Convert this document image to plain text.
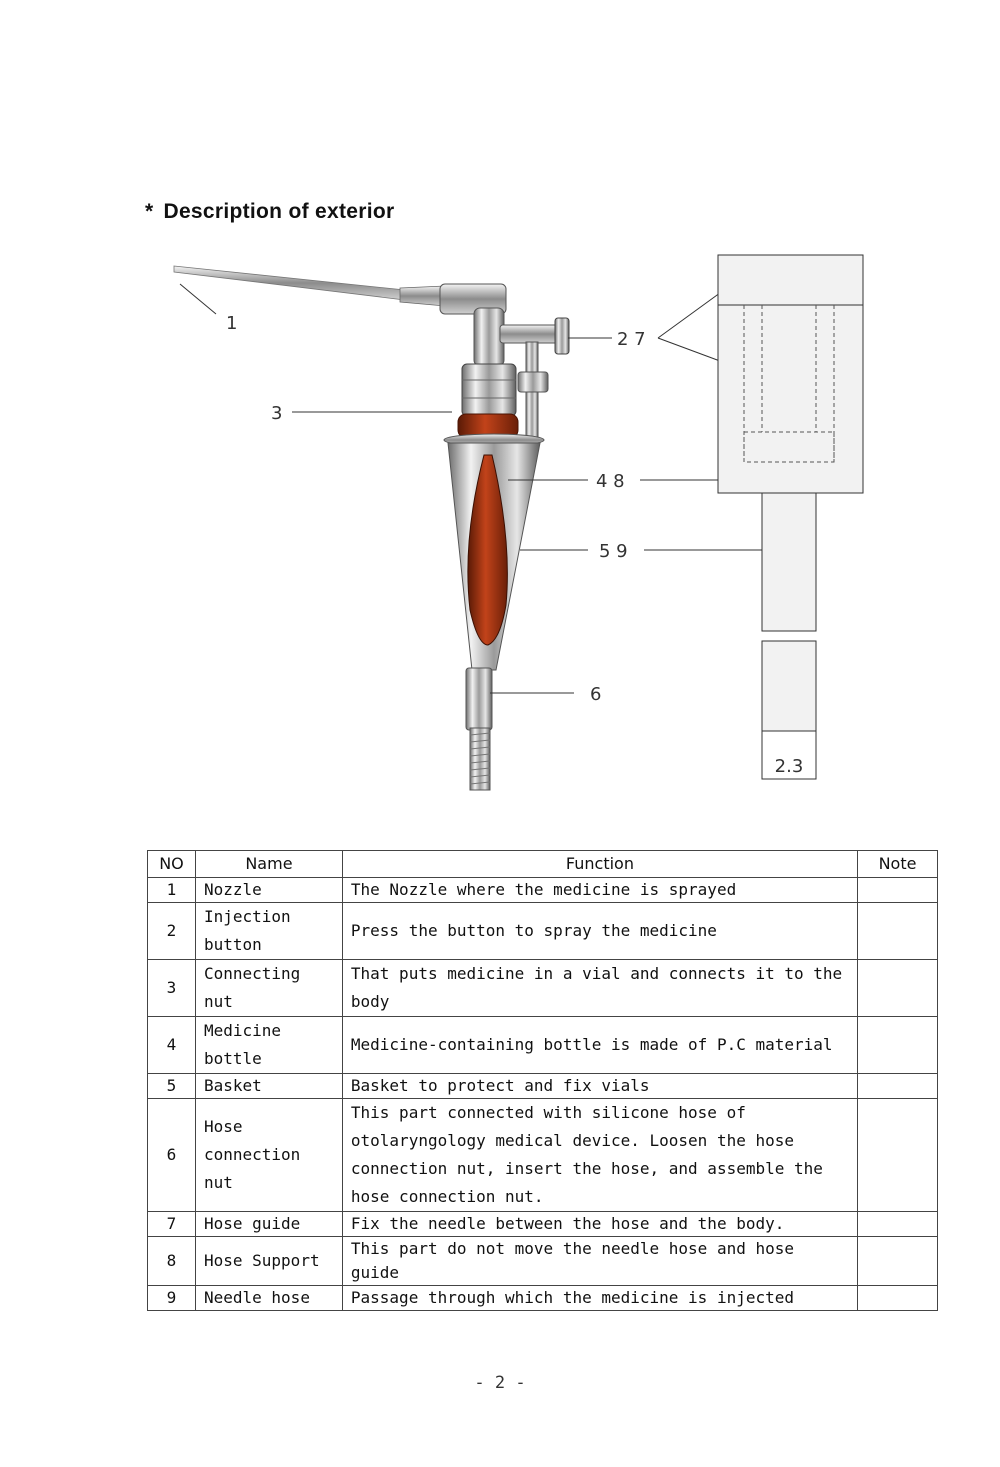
* Description of exterior
1
2 7
3
4 8
5 9
6
2.3
NO	Name	Function	Note
1	Nozzle	The Nozzle where the medicine is sprayed	
2	Injection button	Press the button to spray the medicine	
3	Connecting nut	That puts medicine in a vial and connects it to the body	
4	Medicine bottle	Medicine-containing bottle is made of P.C material	
5	Basket	Basket to protect and fix vials	
6	Hose connection nut	This part connected with silicone hose of otolaryngology medical device. Loosen the hose connection nut, insert the hose, and assemble the hose connection nut.	
7	Hose guide	Fix the needle between the hose and the body.	
8	Hose Support	This part do not move the needle hose and hose guide	
9	Needle hose	Passage through which the medicine is injected	
- 2 -
